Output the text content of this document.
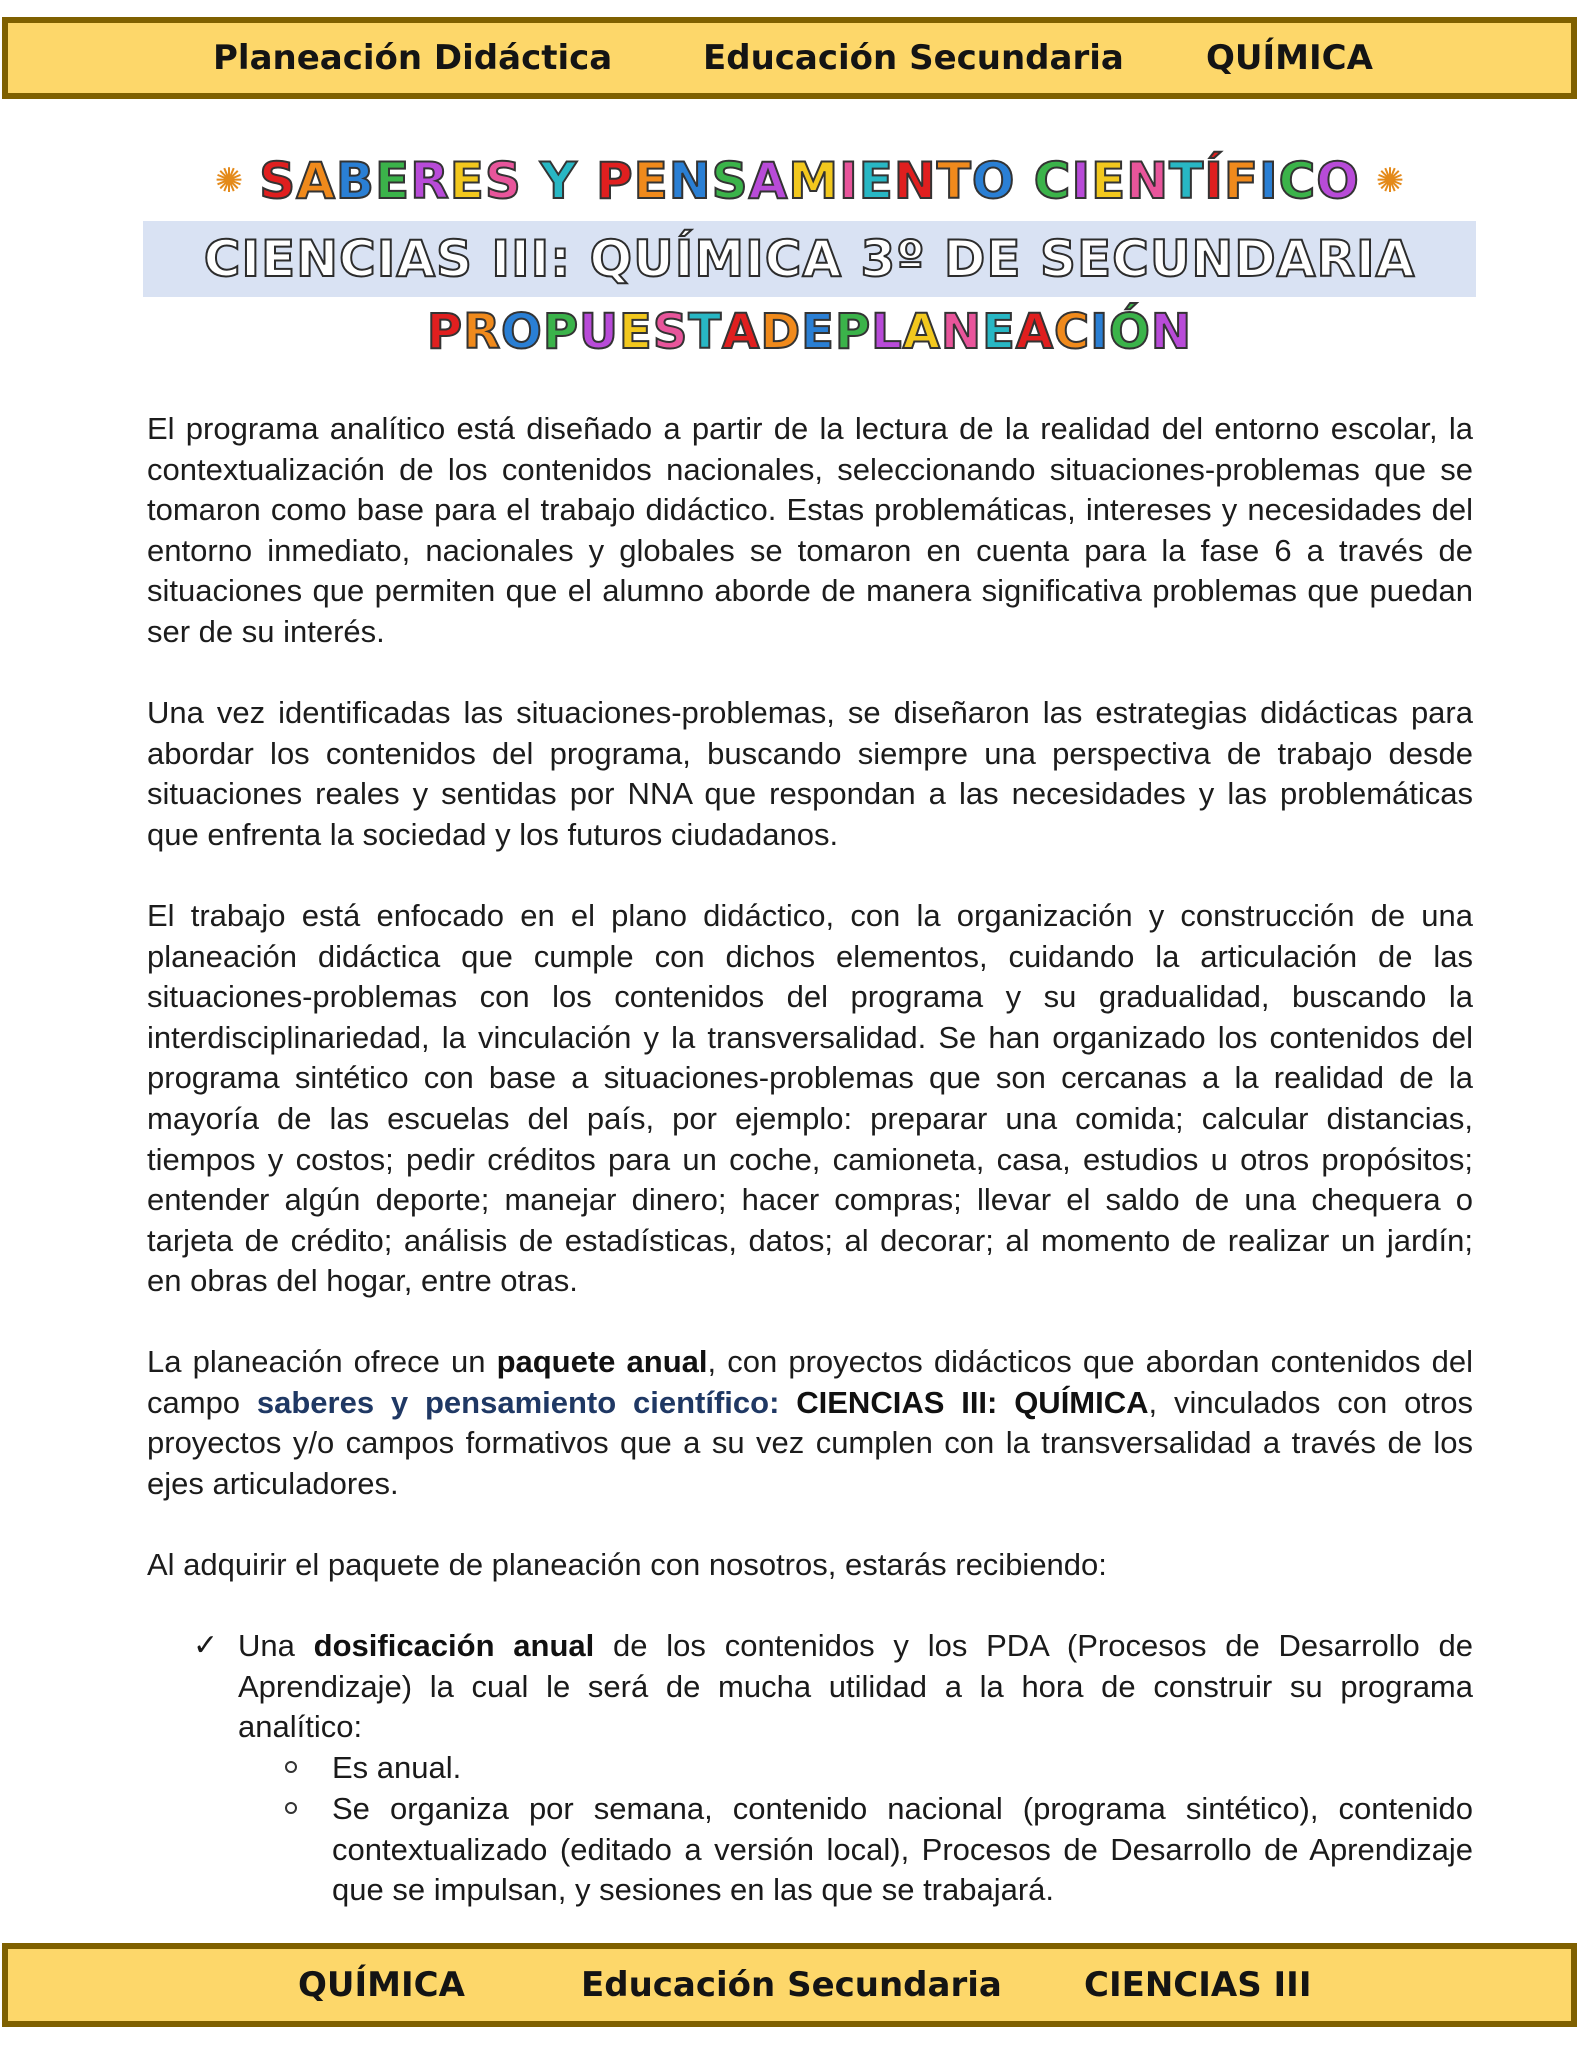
Planeación Didáctica	Educación Secundaria QUÍMICA
✺ SABERES Y PENSAMIENTO CIENTÍFICO ✺
CIENCIAS III: QUÍMICA 3º DE SECUNDARIA
P R O P U E S T A D E P L A N E A C I Ó N
El programa analítico está diseñado a partir de la lectura de la realidad del entorno escolar, la contextualización de los contenidos nacionales, seleccionando situaciones-problemas que se tomaron como base para el trabajo didáctico. Estas problemáticas, intereses y necesidades del entorno inmediato, nacionales y globales se tomaron en cuenta para la fase 6 a través de situaciones que permiten que el alumno aborde de manera significativa problemas que puedan ser de su interés.
Una vez identificadas las situaciones-problemas, se diseñaron las estrategias didácticas para abordar los contenidos del programa, buscando siempre una perspectiva de trabajo desde situaciones reales y sentidas por NNA que respondan a las necesidades y las problemáticas que enfrenta la sociedad y los futuros ciudadanos.
El trabajo está enfocado en el plano didáctico, con la organización y construcción de una planeación didáctica que cumple con dichos elementos, cuidando la articulación de las situaciones-problemas con los contenidos del programa y su gradualidad, buscando la interdisciplinariedad, la vinculación y la transversalidad. Se han organizado los contenidos del programa sintético con base a situaciones-problemas que son cercanas a la realidad de la mayoría de las escuelas del país, por ejemplo: preparar una comida; calcular distancias, tiempos y costos; pedir créditos para un coche, camioneta, casa, estudios u otros propósitos; entender algún deporte; manejar dinero; hacer compras; llevar el saldo de una chequera o tarjeta de crédito; análisis de estadísticas, datos; al decorar; al momento de realizar un jardín; en obras del hogar, entre otras.
La planeación ofrece un paquete anual, con proyectos didácticos que abordan contenidos del campo saberes y pensamiento científico: CIENCIAS III: QUÍMICA, vinculados con otros proyectos y/o campos formativos que a su vez cumplen con la transversalidad a través de los ejes articuladores.
Al adquirir el paquete de planeación con nosotros, estarás recibiendo:
✓ Una dosificación anual de los contenidos y los PDA (Procesos de Desarrollo de Aprendizaje) la cual le será de mucha utilidad a la hora de construir su programa analítico:
Es anual.
Se organiza por semana, contenido nacional (programa sintético), contenido contextualizado (editado a versión local), Procesos de Desarrollo de Aprendizaje que se impulsan, y sesiones en las que se trabajará.
QUÍMICA	Educación Secundaria CIENCIAS III
